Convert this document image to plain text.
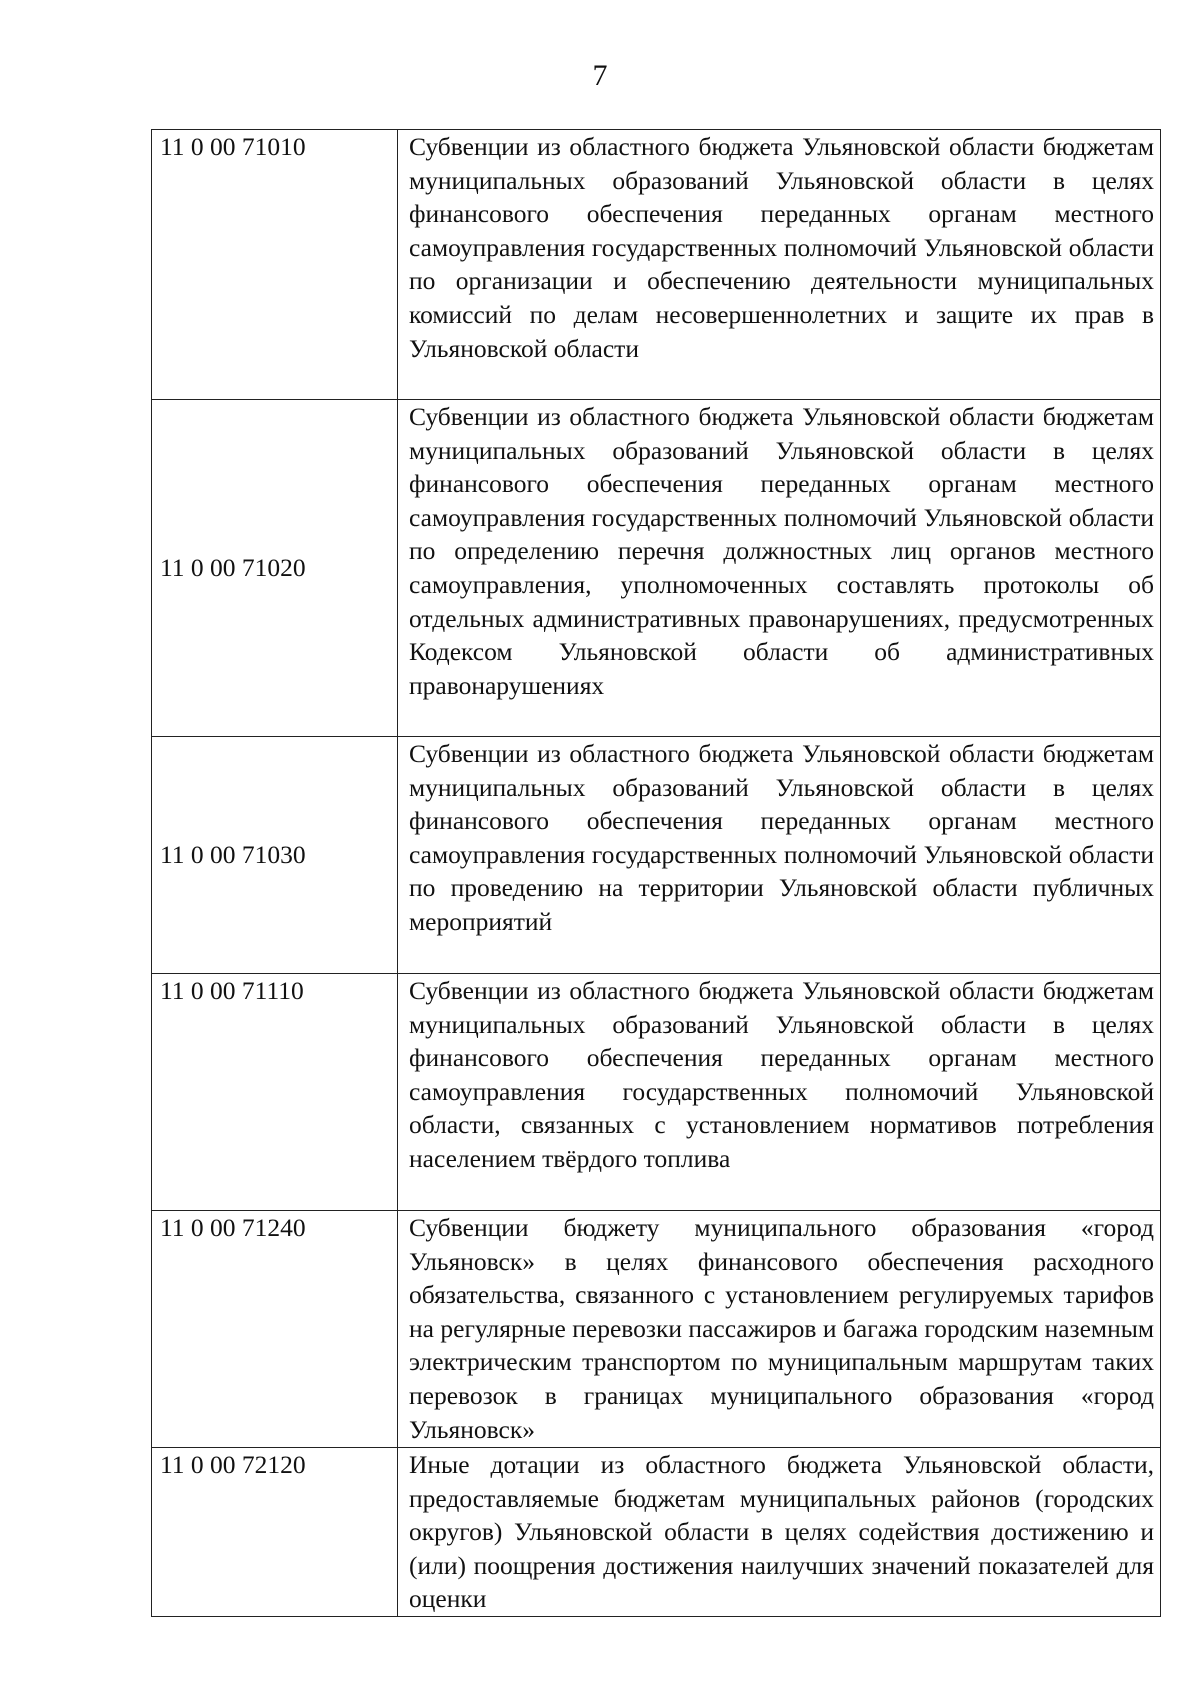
7
11 0 00 71010	Субвенции из областного бюджета Ульяновской области бюджетам муниципальных образований Ульяновской области в целях финансового обеспечения переданных органам местного самоуправления государственных полномочий Ульяновской области по организации и обеспечению деятельности муниципальных комиссий по делам несовершеннолетних и защите их прав в Ульяновской области
11 0 00 71020	Субвенции из областного бюджета Ульяновской области бюджетам муниципальных образований Ульяновской области в целях финансового обеспечения переданных органам местного самоуправления государственных полномочий Ульяновской области по определению перечня должностных лиц органов местного самоуправления, уполномоченных составлять протоколы об отдельных административных правонарушениях, предусмотренных Кодексом Ульяновской области об административных правонарушениях
11 0 00 71030	Субвенции из областного бюджета Ульяновской области бюджетам муниципальных образований Ульяновской области в целях финансового обеспечения переданных органам местного самоуправления государственных полномочий Ульяновской области по проведению на территории Ульяновской области публичных мероприятий
11 0 00 71110	Субвенции из областного бюджета Ульяновской области бюджетам муниципальных образований Ульяновской области в целях финансового обеспечения переданных органам местного самоуправления государственных полномочий Ульяновской области, связанных с установлением нормативов потребления населением твёрдого топлива
11 0 00 71240	Субвенции бюджету муниципального образования «город Ульяновск» в целях финансового обеспечения расходного обязательства, связанного с установлением регулируемых тарифов на регулярные перевозки пассажиров и багажа городским наземным электрическим транспортом по муниципальным маршрутам таких перевозок в границах муниципального образования «город Ульяновск»
11 0 00 72120	Иные дотации из областного бюджета Ульяновской области, предоставляемые бюджетам муниципальных районов (городских округов) Ульяновской области в целях содействия достижению и (или) поощрения достижения наилучших значений показателей для оценки
